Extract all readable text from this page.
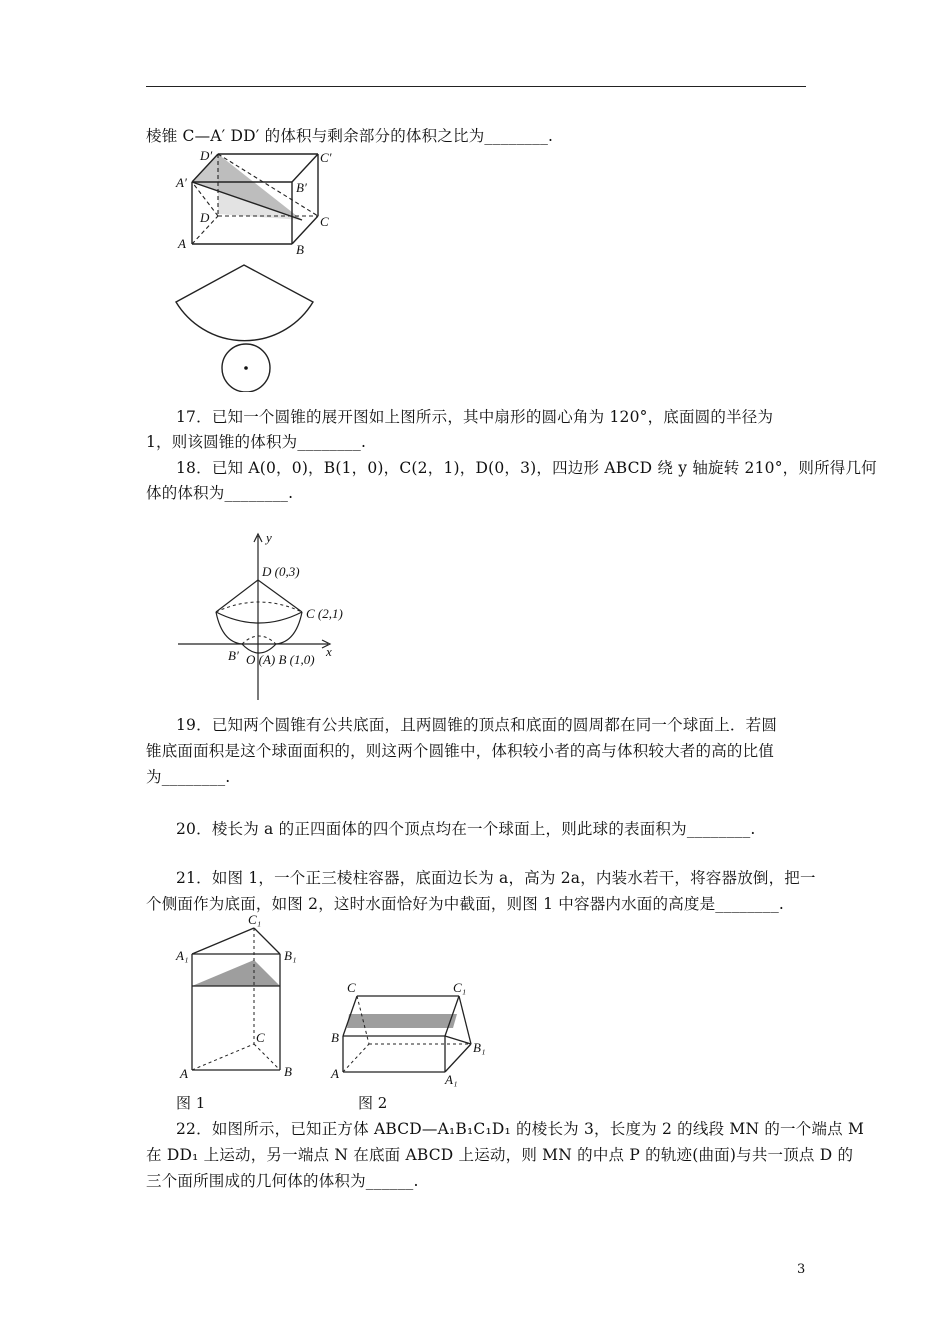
棱锥 C—A′ DD′ 的体积与剩余部分的体积之比为________.
D′	C′
A′	B′
D	C
A	B
17．已知一个圆锥的展开图如上图所示，其中扇形的圆心角为 120°，底面圆的半径为
1，则该圆锥的体积为________.
18．已知 A(0，0)，B(1，0)，C(2，1)，D(0，3)，四边形 ABCD 绕 y 轴旋转 210°，则所得几何
体的体积为________.
y
x
D (0,3)
C (2,1)
B′ O (A) B (1,0)
19．已知两个圆锥有公共底面，且两圆锥的顶点和底面的圆周都在同一个球面上．若圆
锥底面面积是这个球面面积的，则这两个圆锥中，体积较小者的高与体积较大者的高的比值
为________.
20．棱长为 a 的正四面体的四个顶点均在一个球面上，则此球的表面积为________.
21．如图 1，一个正三棱柱容器，底面边长为 a，高为 2a，内装水若干，将容器放倒，把一
个侧面作为底面，如图 2，这时水面恰好为中截面，则图 1 中容器内水面的高度是________.
C₁
A₁	B₁
C
A	B
图 1
C	C₁
B
B₁
A	A₁
图 2
22．如图所示，已知正方体 ABCD—A₁B₁C₁D₁ 的棱长为 3，长度为 2 的线段 MN 的一个端点 M
在 DD₁ 上运动，另一端点 N 在底面 ABCD 上运动，则 MN 的中点 P 的轨迹(曲面)与共一顶点 D 的
三个面所围成的几何体的体积为______.
3
